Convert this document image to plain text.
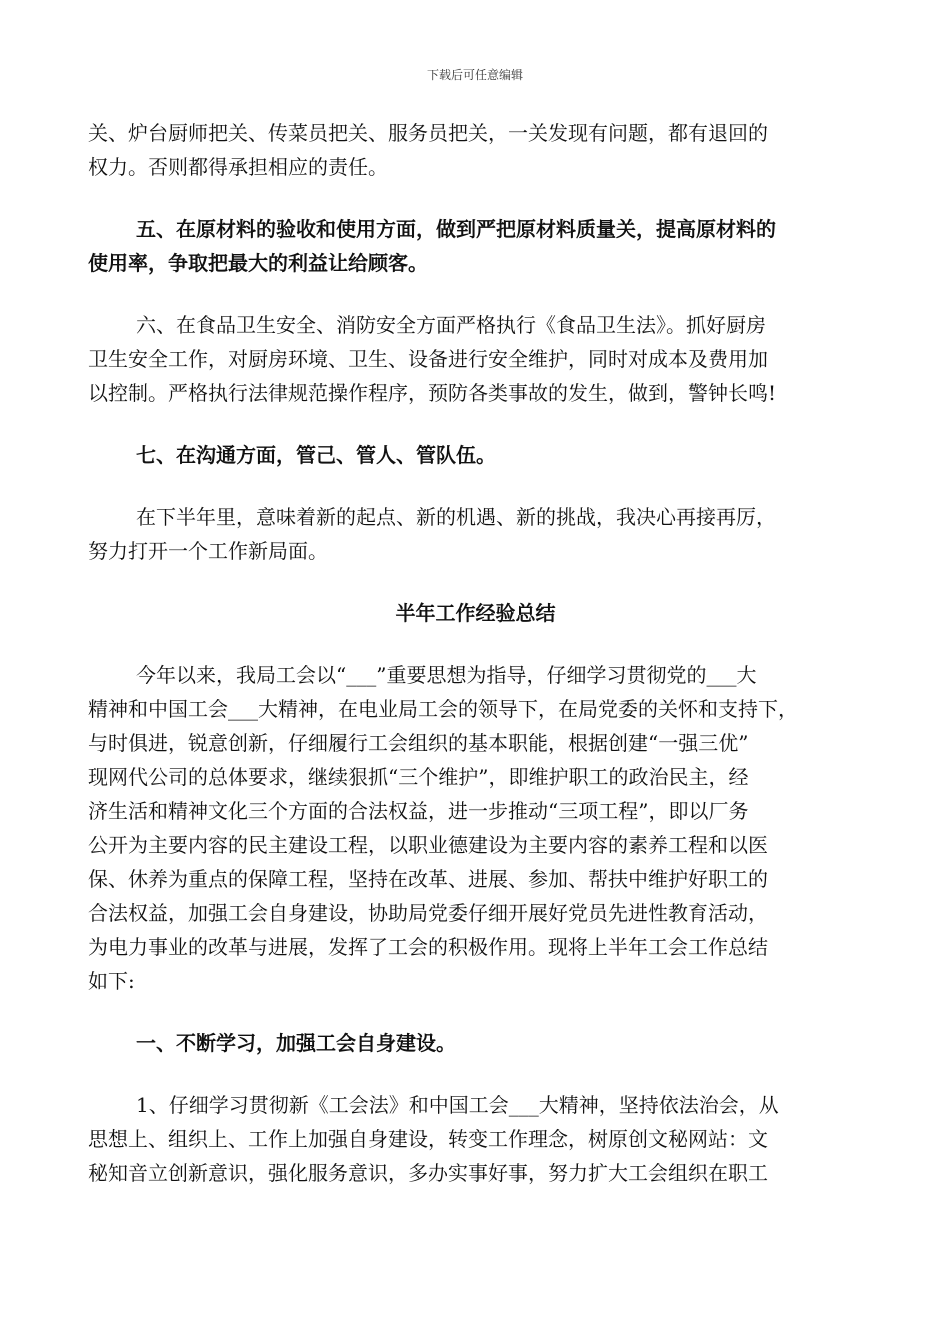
下载后可任意编辑
关、炉台厨师把关、传菜员把关、服务员把关，一关发现有问题，都有退回的
权力。否则都得承担相应的责任。
五、在原材料的验收和使用方面，做到严把原材料质量关，提高原材料的
使用率，争取把最大的利益让给顾客。
六、在食品卫生安全、消防安全方面严格执行《食品卫生法》。抓好厨房
卫生安全工作，对厨房环境、卫生、设备进行安全维护，同时对成本及费用加
以控制。严格执行法律规范操作程序，预防各类事故的发生，做到，警钟长鸣!
七、在沟通方面，管己、管人、管队伍。
在下半年里，意味着新的起点、新的机遇、新的挑战，我决心再接再厉，
努力打开一个工作新局面。
半年工作经验总结
今年以来，我局工会以“___”重要思想为指导，仔细学习贯彻党的___大
精神和中国工会___大精神，在电业局工会的领导下，在局党委的关怀和支持下，
与时俱进，锐意创新，仔细履行工会组织的基本职能，根据创建“一强三优”
现网代公司的总体要求，继续狠抓“三个维护”，即维护职工的政治民主，经
济生活和精神文化三个方面的合法权益，进一步推动“三项工程”，即以厂务
公开为主要内容的民主建设工程，以职业德建设为主要内容的素养工程和以医
保、休养为重点的保障工程，坚持在改革、进展、参加、帮扶中维护好职工的
合法权益，加强工会自身建设，协助局党委仔细开展好党员先进性教育活动，
为电力事业的改革与进展，发挥了工会的积极作用。现将上半年工会工作总结
如下:
一、不断学习，加强工会自身建设。
1、仔细学习贯彻新《工会法》和中国工会___大精神，坚持依法治会，从
思想上、组织上、工作上加强自身建设，转变工作理念，树原创文秘网站：文
秘知音立创新意识，强化服务意识，多办实事好事，努力扩大工会组织在职工
